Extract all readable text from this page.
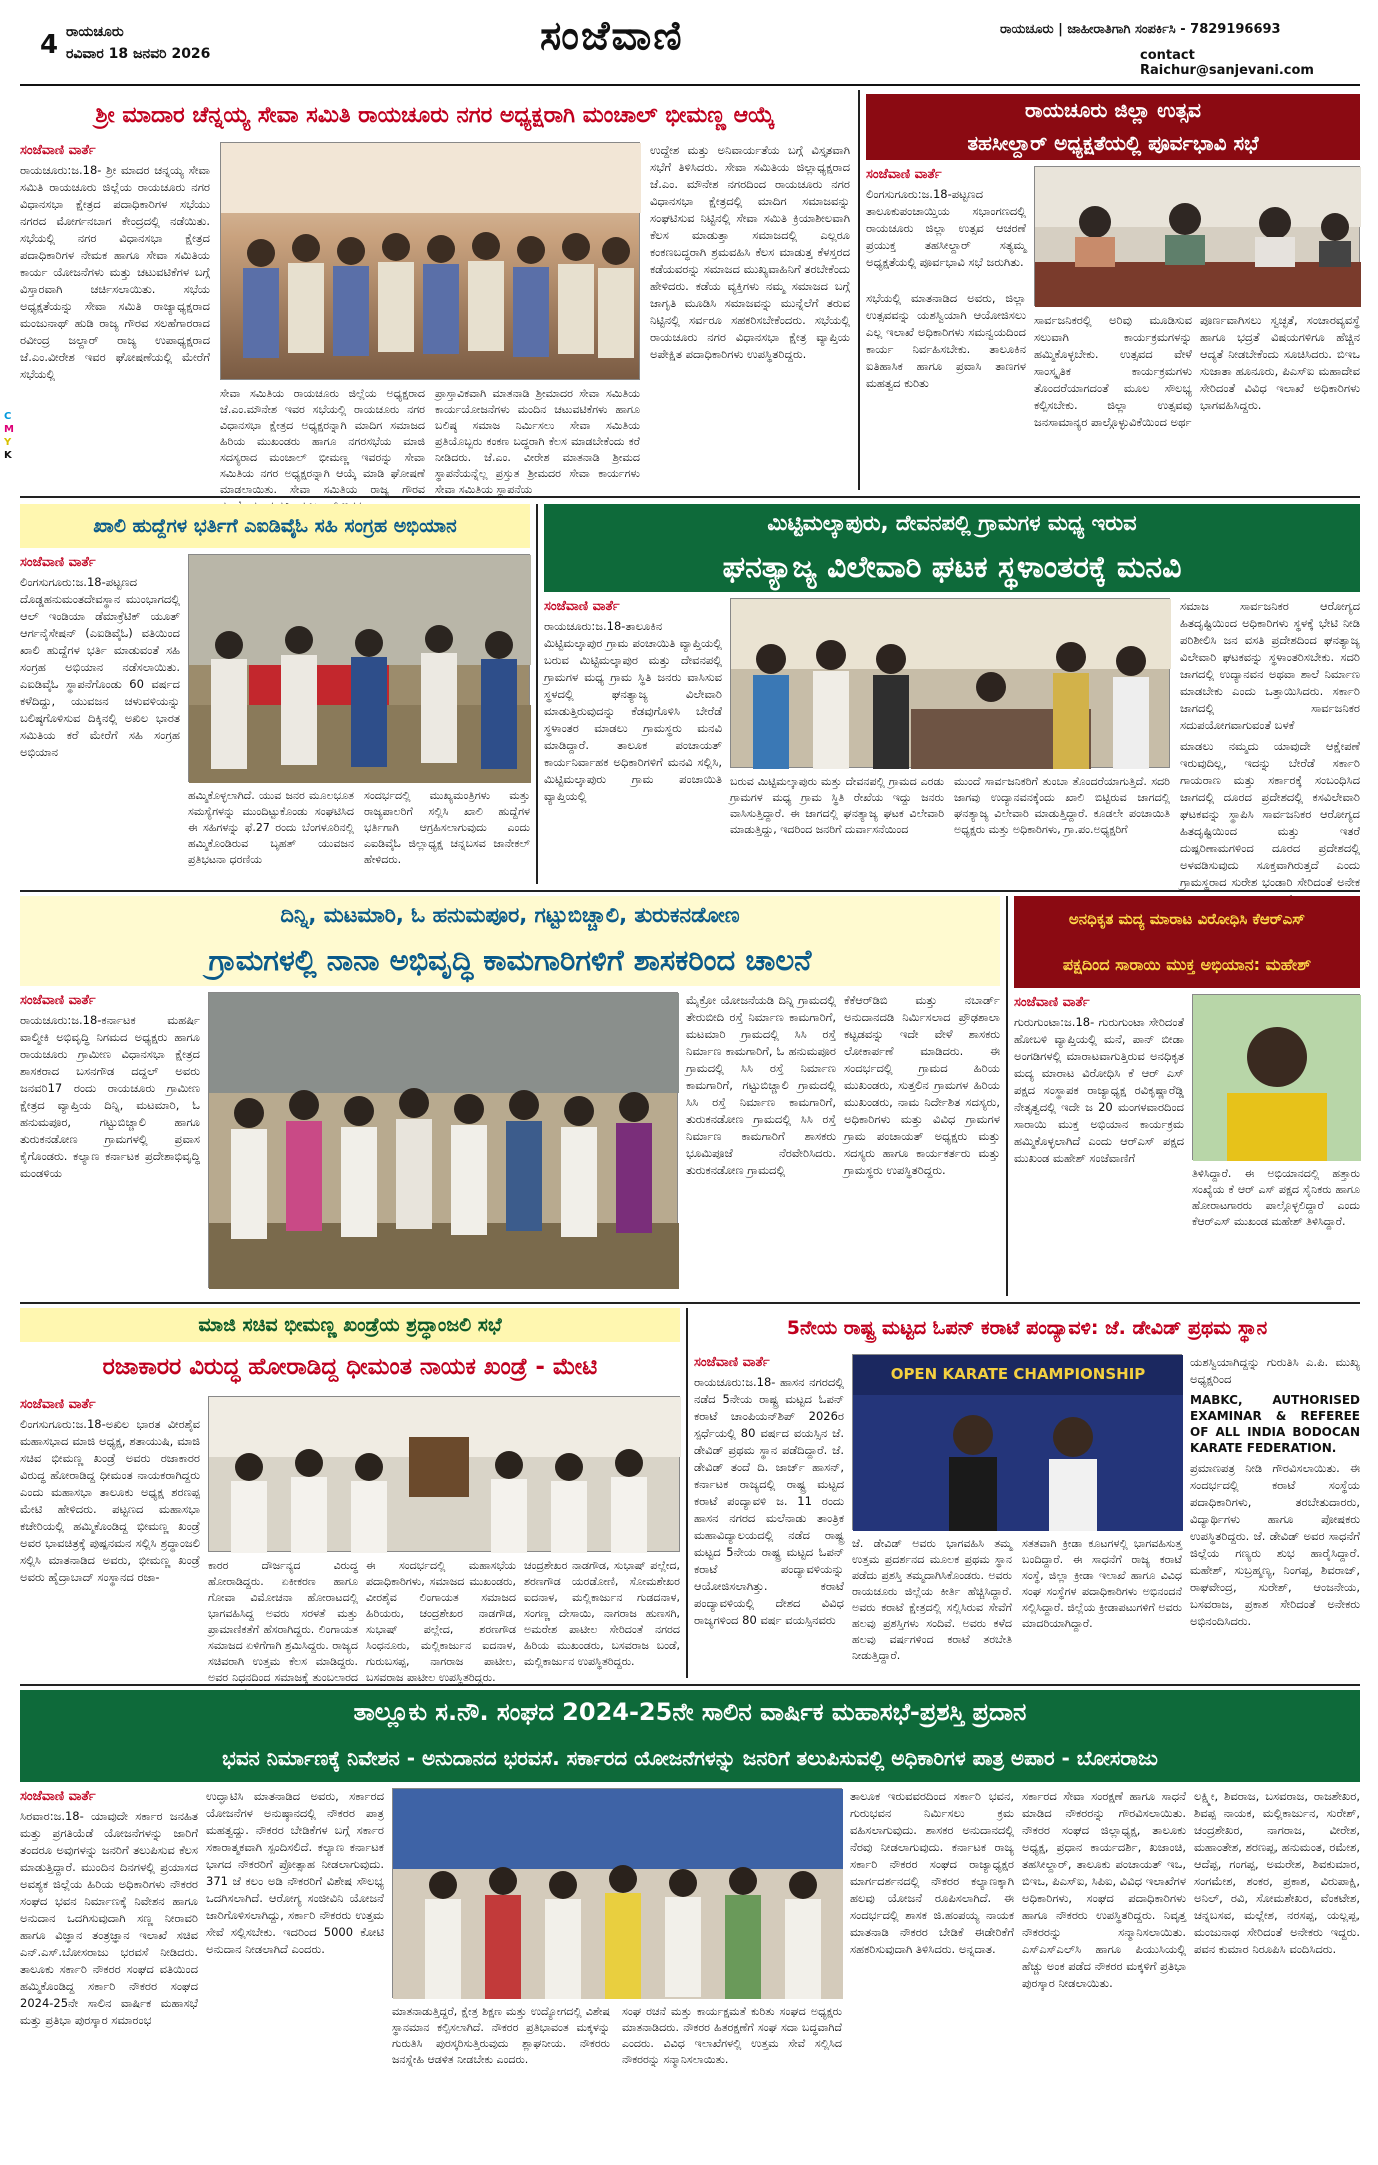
4 ರಾಯಚೂರು
ರವಿವಾರ 18 ಜನವರಿ 2026	ಸಂಜೆವಾಣಿ	ರಾಯಚೂರು | ಜಾಹೀರಾತಿಗಾಗಿ ಸಂಪರ್ಕಿಸಿ - 7829196693
contact Raichur@sanjevani.com
C
M
Y
K
ಶ್ರೀ ಮಾದಾರ ಚೆನ್ನಯ್ಯ ಸೇವಾ ಸಮಿತಿ ರಾಯಚೂರು ನಗರ ಅಧ್ಯಕ್ಷರಾಗಿ ಮಂಚಾಲ್ ಭೀಮಣ್ಣ ಆಯ್ಕೆ
ಸಂಜೆವಾಣಿ ವಾರ್ತೆ
ರಾಯಚೂರು:ಜ.18- ಶ್ರೀ ಮಾದರ ಚನ್ನಯ್ಯ ಸೇವಾ ಸಮಿತಿ ರಾಯಚೂರು ಜಿಲ್ಲೆಯ ರಾಯಚೂರು ನಗರ ವಿಧಾನಸಭಾ ಕ್ಷೇತ್ರದ ಪದಾಧಿಕಾರಿಗಳ ಸಭೆಯು ನಗರದ ಮೋರ್ಗನಬಾಗ ಕೇಂದ್ರದಲ್ಲಿ ನಡೆಯಿತು. ಸಭೆಯಲ್ಲಿ ನಗರ ವಿಧಾನಸಭಾ ಕ್ಷೇತ್ರದ ಪದಾಧಿಕಾರಿಗಳ ನೇಮಕ ಹಾಗೂ ಸೇವಾ ಸಮಿತಿಯ ಕಾರ್ಯ ಯೋಜನೆಗಳು ಮತ್ತು ಚಟುವಟಿಕೆಗಳ ಬಗ್ಗೆ ವಿಸ್ತಾರವಾಗಿ ಚರ್ಚಿಸಲಾಯಿತು. ಸಭೆಯ ಅಧ್ಯಕ್ಷತೆಯನ್ನು ಸೇವಾ ಸಮಿತಿ ರಾಜ್ಯಾಧ್ಯಕ್ಷರಾದ ಮಂಜುನಾಥ್ ಹುಡಿ ರಾಜ್ಯ ಗೌರವ ಸಲಹೆಗಾರರಾದ ರವೀಂದ್ರ ಜಲ್ದಾರ್ ರಾಜ್ಯ ಉಪಾಧ್ಯಕ್ಷರಾದ ಜೆ.ಎಂ.ವೀರೇಶ ಇವರ ಘೋಷಣೆಯಲ್ಲಿ ಮೇರೆಗೆ ಸಭೆಯಲ್ಲಿ
ಸೇವಾ ಸಮಿತಿಯ ರಾಯಚೂರು ಜಿಲ್ಲೆಯ ಅಧ್ಯಕ್ಷರಾದ ಜೆ.ಎಂ.ಮೌನೇಶ ಇವರ ಸಭೆಯಲ್ಲಿ ರಾಯಚೂರು ನಗರ ವಿಧಾನಸಭಾ ಕ್ಷೇತ್ರದ ಅಧ್ಯಕ್ಷರನ್ನಾಗಿ ಮಾದಿಗ ಸಮಾಜದ ಹಿರಿಯ ಮುಖಂಡರು ಹಾಗೂ ನಗರಸಭೆಯ ಮಾಜಿ ಸದಸ್ಯರಾದ ಮಂಚಾಲ್ ಭೀಮಣ್ಣ ಇವರನ್ನು ಸೇವಾ ಸಮಿತಿಯ ನಗರ ಅಧ್ಯಕ್ಷರನ್ನಾಗಿ ಆಯ್ಕೆ ಮಾಡಿ ಘೋಷಣೆ ಮಾಡಲಾಯಿತು. ಸೇವಾ ಸಮಿತಿಯ ರಾಜ್ಯ ಗೌರವ
ಪ್ರಾಸ್ತಾವಿಕವಾಗಿ ಮಾತನಾಡಿ ಶ್ರೀಮಾದರ ಸೇವಾ ಸಮಿತಿಯ ಕಾರ್ಯಯೋಜನೆಗಳು ಮಂದಿನ ಚಟುವಟಿಕೆಗಳು ಹಾಗೂ ಬಲಿಷ್ಠ ಸಮಾಜ ನಿರ್ಮಿಸಲು ಸೇವಾ ಸಮಿತಿಯ ಪ್ರತಿಯೊಬ್ಬರು ಕಂಕಣ ಬದ್ಧರಾಗಿ ಕೆಲಸ ಮಾಡಬೇಕೆಂದು ಕರೆ ನೀಡಿದರು. ಜೆ.ಎಂ. ವೀರೇಶ ಮಾತನಾಡಿ ಶ್ರೀಮದ ಸ್ಥಾಪನೆಯನ್ನೆಲ್ಲ ಪ್ರಸ್ತುತ ಶ್ರೀಮದರ ಸೇವಾ ಕಾರ್ಯಗಳು ಸೇವಾ ಸಮಿತಿಯ ಸ್ಥಾಪನೆಯ
ಉದ್ದೇಶ ಮತ್ತು ಅನಿವಾರ್ಯತೆಯ ಬಗ್ಗೆ ವಿಸ್ತೃತವಾಗಿ ಸಭೆಗೆ ತಿಳಿಸಿದರು. ಸೇವಾ ಸಮಿತಿಯ ಜಿಲ್ಲಾಧ್ಯಕ್ಷರಾದ ಜೆ.ಎಂ. ಮೌನೇಶ ನಗರದಿಂದ ರಾಯಚೂರು ನಗರ ವಿಧಾನಸಭಾ ಕ್ಷೇತ್ರದಲ್ಲಿ ಮಾದಿಗ ಸಮಾಜವನ್ನು ಸಂಘಟಿಸುವ ನಿಟ್ಟಿನಲ್ಲಿ ಸೇವಾ ಸಮಿತಿ ಕ್ರಿಯಾಶೀಲವಾಗಿ ಕೆಲಸ ಮಾಡುತ್ತಾ ಸಮಾಜದಲ್ಲಿ ಎಲ್ಲರೂ ಕಂಕಣಬದ್ಧರಾಗಿ ಶ್ರಮವಹಿಸಿ ಕೆಲಸ ಮಾಡುತ್ತ ಕೆಳಸ್ತರದ ಕಡೆಯವರನ್ನು ಸಮಾಜದ ಮುಖ್ಯವಾಹಿನಿಗೆ ತರಬೇಕೆಂದು ಹೇಳಿದರು. ಕಡೆಯ ವ್ಯಕ್ತಿಗಳು ನಮ್ಮ ಸಮಾಜದ ಬಗ್ಗೆ ಜಾಗೃತಿ ಮೂಡಿಸಿ ಸಮಾಜವನ್ನು ಮುನ್ನೆಲೆಗೆ ತರುವ ನಿಟ್ಟಿನಲ್ಲಿ ಸರ್ವರೂ ಸಹಕರಿಸಬೇಕೆಂದರು. ಸಭೆಯಲ್ಲಿ ರಾಯಚೂರು ನಗರ ವಿಧಾನಸಭಾ ಕ್ಷೇತ್ರ ವ್ಯಾಪ್ತಿಯ ಅಪೇಕ್ಷಿತ ಪದಾಧಿಕಾರಿಗಳು ಉಪಸ್ಥಿತರಿದ್ದರು.
ರಾಯಚೂರು ಜಿಲ್ಲಾ ಉತ್ಸವ
ತಹಸೀಲ್ದಾರ್ ಅಧ್ಯಕ್ಷತೆಯಲ್ಲಿ ಪೂರ್ವಭಾವಿ ಸಭೆ
ಸಂಜೆವಾಣಿ ವಾರ್ತೆ
ಲಿಂಗಸುಗೂರು:ಜ.18-ಪಟ್ಟಣದ ತಾಲೂಕುಪಂಚಾಯ್ತಿಯ ಸಭಾಂಗಣದಲ್ಲಿ ರಾಯಚೂರು ಜಿಲ್ಲಾ ಉತ್ಸವ ಆಚರಣೆ ಪ್ರಯುಕ್ತ ತಹಸೀಲ್ದಾರ್ ಸತ್ಯಮ್ಮ ಅಧ್ಯಕ್ಷತೆಯಲ್ಲಿ ಪೂರ್ವಭಾವಿ ಸಭೆ ಜರುಗಿತು.
ಸಭೆಯಲ್ಲಿ ಮಾತನಾಡಿದ ಅವರು, ಜಿಲ್ಲಾ ಉತ್ಸವವನ್ನು ಯಶಸ್ವಿಯಾಗಿ ಆಯೋಜಿಸಲು ಎಲ್ಲ ಇಲಾಖೆ ಅಧಿಕಾರಿಗಳು ಸಮನ್ವಯದಿಂದ ಕಾರ್ಯ ನಿರ್ವಹಿಸಬೇಕು. ತಾಲೂಕಿನ ಐತಿಹಾಸಿಕ ಹಾಗೂ ಪ್ರವಾಸಿ ತಾಣಗಳ ಮಹತ್ವದ ಕುರಿತು
ಸಾರ್ವಜನಿಕರಲ್ಲಿ ಅರಿವು ಮೂಡಿಸುವ ಸಲುವಾಗಿ ಕಾರ್ಯಕ್ರಮಗಳನ್ನು ಹಮ್ಮಿಕೊಳ್ಳಬೇಕು. ಉತ್ಸವದ ವೇಳೆ ಸಾಂಸ್ಕೃತಿಕ ಕಾರ್ಯಕ್ರಮಗಳು ತೊಂದರೆಯಾಗದಂತೆ ಮೂಲ ಸೌಲಭ್ಯ ಕಲ್ಪಿಸಬೇಕು. ಜಿಲ್ಲಾ ಉತ್ಸವವು ಜನಸಾಮಾನ್ಯರ ಪಾಲ್ಗೊಳ್ಳುವಿಕೆಯಿಂದ ಅರ್ಥ
ಪೂರ್ಣವಾಗಿಸಲು ಸ್ವಚ್ಛತೆ, ಸಂಚಾರವ್ಯವಸ್ಥೆ ಹಾಗೂ ಭದ್ರತೆ ವಿಷಯಗಳಿಗೂ ಹೆಚ್ಚಿನ ಆದ್ಯತೆ ನೀಡಬೇಕೆಂದು ಸೂಚಿಸಿದರು. ಬಿಇಒ ಸುಜಾತಾ ಹೂನೂರು, ಪಿಎಸ್ಐ ಮಹಾದೇವ ಸೇರಿದಂತೆ ವಿವಿಧ ಇಲಾಖೆ ಅಧಿಕಾರಿಗಳು ಭಾಗವಹಿಸಿದ್ದರು.
ಖಾಲಿ ಹುದ್ದೆಗಳ ಭರ್ತಿಗೆ ಎಐಡಿವೈಓ ಸಹಿ ಸಂಗ್ರಹ ಅಭಿಯಾನ
ಸಂಜೆವಾಣಿ ವಾರ್ತೆ
ಲಿಂಗಸುಗೂರು:ಜ.18-ಪಟ್ಟಣದ ದೊಡ್ಡಹನುಮಂತದೇವಸ್ಥಾನ ಮುಂಭಾಗದಲ್ಲಿ ಆಲ್ ಇಂಡಿಯಾ ಡೆಮಾಕ್ರೆಟಿಕ್ ಯೂತ್ ಆರ್ಗನೈಸೇಷನ್ (ಎಐಡಿವೈಓ) ವತಿಯಿಂದ ಖಾಲಿ ಹುದ್ದೆಗಳ ಭರ್ತಿ ಮಾಡುವಂತೆ ಸಹಿ ಸಂಗ್ರಹ ಅಭಿಯಾನ ನಡೆಸಲಾಯಿತು. ಎಐಡಿವೈಓ ಸ್ಥಾಪನೆಗೊಂಡು 60 ವರ್ಷದ ಕಳೆದಿದ್ದು, ಯುವಜನ ಚಳುವಳಿಯನ್ನು ಬಲಿಷ್ಠಗೊಳಿಸುವ ದಿಕ್ಕಿನಲ್ಲಿ ಅಖಿಲ ಭಾರತ ಸಮಿತಿಯ ಕರೆ ಮೇರೆಗೆ ಸಹಿ ಸಂಗ್ರಹ ಅಭಿಯಾನ
ಹಮ್ಮಿಕೊಳ್ಳಲಾಗಿದೆ. ಯುವ ಜನರ ಮೂಲಭೂತ ಸಮಸ್ಯೆಗಳನ್ನು ಮುಂದಿಟ್ಟುಕೊಂಡು ಸಂಘಟಿಸಿದ ಈ ಸಹಿಗಳನ್ನು ಫೆ.27 ರಂದು ಬೆಂಗಳೂರಿನಲ್ಲಿ ಹಮ್ಮಿಕೊಂಡಿರುವ ಬೃಹತ್ ಯುವಜನ ಪ್ರತಿಭಟನಾ ಧರಣಿಯ
ಸಂದರ್ಭದಲ್ಲಿ ಮುಖ್ಯಮಂತ್ರಿಗಳು ಮತ್ತು ರಾಜ್ಯಪಾಲರಿಗೆ ಸಲ್ಲಿಸಿ ಖಾಲಿ ಹುದ್ದೆಗಳ ಭರ್ತಿಗಾಗಿ ಆಗ್ರಹಿಸಲಾಗುವುದು ಎಂದು ಎಐಡಿವೈಓ ಜಿಲ್ಲಾಧ್ಯಕ್ಷ ಚನ್ನಬಸವ ಜಾನೇಕಲ್ ಹೇಳಿದರು.
ಮಿಟ್ಟಿಮಲ್ಕಾಪುರು, ದೇವನಪಲ್ಲಿ ಗ್ರಾಮಗಳ ಮಧ್ಯ ಇರುವ
ಘನತ್ಯಾಜ್ಯ ವಿಲೇವಾರಿ ಘಟಕ ಸ್ಥಳಾಂತರಕ್ಕೆ ಮನವಿ
ಸಂಜೆವಾಣಿ ವಾರ್ತೆ
ರಾಯಚೂರು:ಜ.18-ತಾಲೂಕಿನ ಮಿಟ್ಟಿಮಲ್ಕಾಪುರ ಗ್ರಾಮ ಪಂಚಾಯಿತಿ ವ್ಯಾಪ್ತಿಯಲ್ಲಿ ಬರುವ ಮಿಟ್ಟಿಮಲ್ಕಾಪುರ ಮತ್ತು ದೇವನಪಲ್ಲಿ ಗ್ರಾಮಗಳ ಮಧ್ಯ ಗ್ರಾಮ ಸ್ಥಿತಿ ಜನರು ವಾಸಿಸುವ ಸ್ಥಳದಲ್ಲಿ ಘನತ್ಯಾಜ್ಯ ವಿಲೇವಾರಿ ಮಾಡುತ್ತಿರುವುದನ್ನು ಕೆಡವುಗೊಳಿಸಿ ಬೇರೆಡೆ ಸ್ಥಳಾಂತರ ಮಾಡಲು ಗ್ರಾಮಸ್ಥರು ಮನವಿ ಮಾಡಿದ್ದಾರೆ. ತಾಲೂಕ ಪಂಚಾಯತ್ ಕಾರ್ಯನಿರ್ವಾಹಕ ಅಧಿಕಾರಿಗಳಿಗೆ ಮನವಿ ಸಲ್ಲಿಸಿ, ಮಿಟ್ಟಿಮಲ್ಕಾಪುರು ಗ್ರಾಮ ಪಂಚಾಯಿತಿ ವ್ಯಾಪ್ತಿಯಲ್ಲಿ
ಬರುವ ಮಿಟ್ಟಿಮಲ್ಕಾಪುರು ಮತ್ತು ದೇವನಪಲ್ಲಿ ಗ್ರಾಮದ ಎರಡು ಗ್ರಾಮಗಳ ಮಧ್ಯ ಗ್ರಾಮ ಸ್ಥಿತಿ ರೇಖೆಯ ಇದ್ದು ಜನರು ವಾಸಿಸುತ್ತಿದ್ದಾರೆ. ಈ ಜಾಗದಲ್ಲಿ ಘನತ್ಯಾಜ್ಯ ಘಟಕ ವಿಲೇವಾರಿ ಮಾಡುತ್ತಿದ್ದು, ಇದರಿಂದ ಜನರಿಗೆ ದುರ್ವಾಸನೆಯಿಂದ
ಮುಂದೆ ಸಾರ್ವಜನಿಕರಿಗೆ ತುಂಬಾ ತೊಂದರೆಯಾಗುತ್ತಿದೆ. ಸದರಿ ಜಾಗವು ಉದ್ಯಾನವನಕ್ಕೆಂದು ಖಾಲಿ ಬಿಟ್ಟಿರುವ ಜಾಗದಲ್ಲಿ ಘನತ್ಯಾಜ್ಯ ವಿಲೇವಾರಿ ಮಾಡುತ್ತಿದ್ದಾರೆ. ಕೂಡಲೇ ಪಂಚಾಯಿತಿ ಅಧ್ಯಕ್ಷರು ಮತ್ತು ಅಧಿಕಾರಿಗಳು, ಗ್ರಾ.ಪಂ.ಅಧ್ಯಕ್ಷರಿಗೆ
ಸಮಾಜ ಸಾರ್ವಜನಿಕರ ಆರೋಗ್ಯದ ಹಿತದೃಷ್ಟಿಯಿಂದ ಅಧಿಕಾರಿಗಳು ಸ್ಥಳಕ್ಕೆ ಭೇಟಿ ನೀಡಿ ಪರಿಶೀಲಿಸಿ ಜನ ವಸತಿ ಪ್ರದೇಶದಿಂದ ಘನತ್ಯಾಜ್ಯ ವಿಲೇವಾರಿ ಘಟಕವನ್ನು ಸ್ಥಳಾಂತರಿಸಬೇಕು. ಸದರಿ ಜಾಗದಲ್ಲಿ ಉದ್ಯಾನವನ ಅಥವಾ ಶಾಲೆ ನಿರ್ಮಾಣ ಮಾಡಬೇಕು ಎಂದು ಒತ್ತಾಯಿಸಿದರು. ಸರ್ಕಾರಿ ಜಾಗದಲ್ಲಿ ಸಾರ್ವಜನಿಕರ ಸದುಪಯೋಗವಾಗುವಂತೆ ಬಳಕೆ
ಮಾಡಲು ನಮ್ಮದು ಯಾವುದೇ ಆಕ್ಷೇಪಣೆ ಇರುವುದಿಲ್ಲ, ಇದನ್ನು ಬೇರೆಡೆ ಸರ್ಕಾರಿ ಗಾಯರಾಣ ಮತ್ತು ಸರ್ಕಾರಕ್ಕೆ ಸಂಬಂಧಿಸಿದ ಜಾಗದಲ್ಲಿ ದೂರದ ಪ್ರದೇಶದಲ್ಲಿ ಕಸವಿಲೇವಾರಿ ಘಟಕವನ್ನು ಸ್ಥಾಪಿಸಿ ಸಾರ್ವಜನಿಕರ ಆರೋಗ್ಯದ ಹಿತದೃಷ್ಟಿಯಿಂದ ಮತ್ತು ಇತರೆ ದುಷ್ಪರಿಣಾಮಗಳಿಂದ ದೂರದ ಪ್ರದೇಶದಲ್ಲಿ ಅಳವಡಿಸುವುದು ಸೂಕ್ತವಾಗಿರುತ್ತದೆ ಎಂದು ಗ್ರಾಮಸ್ಥರಾದ ಸುರೇಶ ಭಂಡಾರಿ ಸೇರಿದಂತೆ ಅನೇಕ
ದಿನ್ನಿ, ಮಟಮಾರಿ, ಓ ಹನುಮಪೂರ, ಗಟ್ಟುಬಿಚ್ಚಾಲಿ, ತುರುಕನಡೋಣ
ಗ್ರಾಮಗಳಲ್ಲಿ ನಾನಾ ಅಭಿವೃದ್ಧಿ ಕಾಮಗಾರಿಗಳಿಗೆ ಶಾಸಕರಿಂದ ಚಾಲನೆ
ಸಂಜೆವಾಣಿ ವಾರ್ತೆ
ರಾಯಚೂರು:ಜ.18-ಕರ್ನಾಟಕ ಮಹರ್ಷಿ ವಾಲ್ಮೀಕಿ ಅಭಿವೃದ್ಧಿ ನಿಗಮದ ಅಧ್ಯಕ್ಷರು ಹಾಗೂ ರಾಯಚೂರು ಗ್ರಾಮೀಣ ವಿಧಾನಸಭಾ ಕ್ಷೇತ್ರದ ಶಾಸಕರಾದ ಬಸನಗೌಡ ದದ್ದಲ್ ಅವರು ಜನವರಿ17 ರಂದು ರಾಯಚೂರು ಗ್ರಾಮೀಣ ಕ್ಷೇತ್ರದ ವ್ಯಾಪ್ತಿಯ ದಿನ್ನಿ, ಮಟಮಾರಿ, ಓ ಹನುಮಪೂರ, ಗಟ್ಟುಬಿಚ್ಚಾಲಿ ಹಾಗೂ ತುರುಕನಡೋಣ ಗ್ರಾಮಗಳಲ್ಲಿ ಪ್ರವಾಸ ಕೈಗೊಂಡರು. ಕಲ್ಯಾಣ ಕರ್ನಾಟಕ ಪ್ರದೇಶಾಭಿವೃದ್ಧಿ ಮಂಡಳಿಯ
ಮೈಕ್ರೋ ಯೋಜನೆಯಡಿ ದಿನ್ನಿ ಗ್ರಾಮದಲ್ಲಿ ತೇರುಬೀದಿ ರಸ್ತೆ ನಿರ್ಮಾಣ ಕಾಮಗಾರಿಗೆ, ಮಟಮಾರಿ ಗ್ರಾಮದಲ್ಲಿ ಸಿಸಿ ರಸ್ತೆ ನಿರ್ಮಾಣ ಕಾಮಗಾರಿಗೆ, ಓ ಹನುಮಪೂರ ಗ್ರಾಮದಲ್ಲಿ ಸಿಸಿ ರಸ್ತೆ ನಿರ್ಮಾಣ ಕಾಮಗಾರಿಗೆ, ಗಟ್ಟುಬಿಚ್ಚಾಲಿ ಗ್ರಾಮದಲ್ಲಿ ಸಿಸಿ ರಸ್ತೆ ನಿರ್ಮಾಣ ಕಾಮಗಾರಿಗೆ, ತುರುಕನಡೋಣ ಗ್ರಾಮದಲ್ಲಿ ಸಿಸಿ ರಸ್ತೆ ನಿರ್ಮಾಣ ಕಾಮಗಾರಿಗೆ ಶಾಸಕರು ಭೂಮಿಪೂಜೆ ನೆರವೇರಿಸಿದರು. ತುರುಕನಡೋಣ ಗ್ರಾಮದಲ್ಲಿ
ಕೆಕೆಆರ್‌ಡಿಬಿ ಮತ್ತು ನಬಾರ್ಡ್ ಅನುದಾನದಡಿ ನಿರ್ಮಿಸಲಾದ ಪ್ರೌಢಶಾಲಾ ಕಟ್ಟಡವನ್ನು ಇದೇ ವೇಳೆ ಶಾಸಕರು ಲೋಕಾರ್ಪಣೆ ಮಾಡಿದರು. ಈ ಸಂದರ್ಭದಲ್ಲಿ ಗ್ರಾಮದ ಹಿರಿಯ ಮುಖಂಡರು, ಸುತ್ತಲಿನ ಗ್ರಾಮಗಳ ಹಿರಿಯ ಮುಖಂಡರು, ನಾಮ ನಿರ್ದೇಶಿತ ಸದಸ್ಯರು, ಅಧಿಕಾರಿಗಳು ಮತ್ತು ವಿವಿಧ ಗ್ರಾಮಗಳ ಗ್ರಾಮ ಪಂಚಾಯತ್ ಅಧ್ಯಕ್ಷರು ಮತ್ತು ಸದಸ್ಯರು ಹಾಗೂ ಕಾರ್ಯಕರ್ತರು ಮತ್ತು ಗ್ರಾಮಸ್ಥರು ಉಪಸ್ಥಿತರಿದ್ದರು.
ಅನಧಿಕೃತ ಮದ್ಯ ಮಾರಾಟ ವಿರೋಧಿಸಿ ಕೆಆರ್‌ಎಸ್
ಪಕ್ಷದಿಂದ ಸಾರಾಯಿ ಮುಕ್ತ ಅಭಿಯಾನ: ಮಹೇಶ್
ಸಂಜೆವಾಣಿ ವಾರ್ತೆ
ಗುರುಗುಂಟಾ:ಜ.18- ಗುರುಗುಂಟಾ ಸೇರಿದಂತೆ ಹೋಬಳಿ ವ್ಯಾಪ್ತಿಯಲ್ಲಿ ಮನೆ, ಪಾನ್ ಬೀಡಾ ಅಂಗಡಿಗಳಲ್ಲಿ ಮಾರಾಟವಾಗುತ್ತಿರುವ ಅನಧಿಕೃತ ಮದ್ಯ ಮಾರಾಟ ವಿರೋಧಿಸಿ ಕೆ ಆರ್ ಎಸ್ ಪಕ್ಷದ ಸಂಸ್ಥಾಪಕ ರಾಜ್ಯಾಧ್ಯಕ್ಷ ರವಿಕೃಷ್ಣಾರೆಡ್ಡಿ ನೇತೃತ್ವದಲ್ಲಿ ಇದೇ ಜ 20 ಮಂಗಳವಾರದಿಂದ ಸಾರಾಯಿ ಮುಕ್ತ ಅಭಿಯಾನ ಕಾರ್ಯಕ್ರಮ ಹಮ್ಮಿಕೊಳ್ಳಲಾಗಿದೆ ಎಂದು ಆರ್‌ಎಸ್ ಪಕ್ಷದ ಮುಖಂಡ ಮಹೇಶ್ ಸಂಜೆವಾಣಿಗೆ
ತಿಳಿಸಿದ್ದಾರೆ. ಈ ಅಭಿಯಾನದಲ್ಲಿ ಹತ್ತಾರು ಸಂಖ್ಯೆಯ ಕೆ ಆರ್ ಎಸ್ ಪಕ್ಷದ ಸೈನಿಕರು ಹಾಗೂ ಹೋರಾಟಗಾರರು ಪಾಲ್ಗೊಳ್ಳಲಿದ್ದಾರೆ ಎಂದು ಕೆಆರ್‌ಎಸ್ ಮುಖಂಡ ಮಹೇಶ್ ತಿಳಿಸಿದ್ದಾರೆ.
ಮಾಜಿ ಸಚಿವ ಭೀಮಣ್ಣ ಖಂಡ್ರೆಯ ಶ್ರದ್ಧಾಂಜಲಿ ಸಭೆ
ರಜಾಕಾರರ ವಿರುದ್ಧ ಹೋರಾಡಿದ್ದ ಧೀಮಂತ ನಾಯಕ ಖಂಡ್ರೆ - ಮೇಟಿ
ಸಂಜೆವಾಣಿ ವಾರ್ತೆ
ಲಿಂಗಸುಗೂರು:ಜ.18-ಅಖಿಲ ಭಾರತ ವೀರಶೈವ ಮಹಾಸಭಾದ ಮಾಜಿ ಅಧ್ಯಕ್ಷ, ಶತಾಯುಷಿ, ಮಾಜಿ ಸಚಿವ ಭೀಮಣ್ಣ ಖಂಡ್ರೆ ಅವರು ರಜಾಕಾರರ ವಿರುದ್ಧ ಹೋರಾಡಿದ್ದ ಧೀಮಂತ ನಾಯಕರಾಗಿದ್ದರು ಎಂದು ಮಹಾಸಭಾ ತಾಲೂಕು ಅಧ್ಯಕ್ಷ ಶರಣಪ್ಪ ಮೇಟಿ ಹೇಳಿದರು. ಪಟ್ಟಣದ ಮಹಾಸಭಾ ಕಚೇರಿಯಲ್ಲಿ ಹಮ್ಮಿಕೊಂಡಿದ್ದ ಭೀಮಣ್ಣ ಖಂಡ್ರೆ ಅವರ ಭಾವಚಿತ್ರಕ್ಕೆ ಪುಷ್ಪನಮನ ಸಲ್ಲಿಸಿ ಶ್ರದ್ಧಾಂಜಲಿ ಸಲ್ಲಿಸಿ ಮಾತನಾಡಿದ ಅವರು, ಭೀಮಣ್ಣ ಖಂಡ್ರೆ ಅವರು ಹೈದ್ರಾಬಾದ್ ಸಂಸ್ಥಾನದ ರಜಾ-
ಕಾರರ ದೌರ್ಜನ್ಯದ ವಿರುದ್ಧ ಹೋರಾಡಿದ್ದರು. ಏಕೀಕರಣ ಹಾಗೂ ಗೋವಾ ವಿಮೋಚನಾ ಹೋರಾಟದಲ್ಲಿ ಭಾಗವಹಿಸಿದ್ದ ಅವರು ಸರಳತೆ ಮತ್ತು ಪ್ರಾಮಾಣಿಕತೆಗೆ ಹೆಸರಾಗಿದ್ದರು. ಲಿಂಗಾಯತ ಸಮಾಜದ ಏಳಿಗೆಗಾಗಿ ಶ್ರಮಿಸಿದ್ದರು. ರಾಜ್ಯದ ಸಚಿವರಾಗಿ ಉತ್ತಮ ಕೆಲಸ ಮಾಡಿದ್ದರು. ಅವರ ನಿಧನದಿಂದ ಸಮಾಜಕ್ಕೆ ತುಂಬಲಾರದ
ಈ ಸಂದರ್ಭದಲ್ಲಿ ಮಹಾಸಭೆಯ ಪದಾಧಿಕಾರಿಗಳು, ಸಮಾಜದ ಮುಖಂಡರು, ವೀರಶೈವ ಲಿಂಗಾಯತ ಸಮಾಜದ ಹಿರಿಯರು, ಚಂದ್ರಶೇಖರ ನಾಡಗೌಡ, ಸುಭಾಷ್ ಪಲ್ಲೇದ, ಶರಣಗೌಡ ಸಿಂಧನೂರು, ಮಲ್ಲಿಕಾರ್ಜುನ ಐದನಾಳ, ಗುರುಬಸಪ್ಪ, ನಾಗರಾಜ ಪಾಟೀಲ, ಬಸವರಾಜ ಪಾಟೀಲ ಉಪಸ್ಥಿತರಿದ್ದರು.
ಚಂದ್ರಶೇಖರ ನಾಡಗೌಡ, ಸುಭಾಷ್ ಪಲ್ಲೇದ, ಶರಣಗೌಡ ಯರಡೋಣಿ, ಸೋಮಶೇಖರ ಐದನಾಳ, ಮಲ್ಲಿಕಾರ್ಜುನ ಗುಡದನಾಳ, ಸಂಗಣ್ಣ ದೇಸಾಯಿ, ನಾಗರಾಜ ಹುಣಸಗಿ, ಅಮರೇಶ ಪಾಟೀಲ ಸೇರಿದಂತೆ ನಗರದ ಹಿರಿಯ ಮುಖಂಡರು, ಬಸವರಾಜ ಬಂಡೆ, ಮಲ್ಲಿಕಾರ್ಜುನ ಉಪಸ್ಥಿತರಿದ್ದರು.
5ನೇಯ ರಾಷ್ಟ್ರ ಮಟ್ಟದ ಓಪನ್ ಕರಾಟೆ ಪಂದ್ಯಾವಳಿ: ಜೆ. ಡೇವಿಡ್ ಪ್ರಥಮ ಸ್ಥಾನ
ಸಂಜೆವಾಣಿ ವಾರ್ತೆ
ರಾಯಚೂರು:ಜ.18- ಹಾಸನ ನಗರದಲ್ಲಿ ನಡೆದ 5ನೇಯ ರಾಷ್ಟ್ರ ಮಟ್ಟದ ಓಪನ್ ಕರಾಟೆ ಚಾಂಪಿಯನ್‌ಶಿಪ್ 2026ರ ಸ್ಪರ್ಧೆಯಲ್ಲಿ 80 ವರ್ಷದ ವಯಸ್ಸಿನ ಜೆ. ಡೇವಿಡ್ ಪ್ರಥಮ ಸ್ಥಾನ ಪಡೆದಿದ್ದಾರೆ. ಜೆ. ಡೇವಿಡ್ ತಂದೆ ದಿ. ಜಾರ್ಜ್ ಹಾಸನ್, ಕರ್ನಾಟಕ ರಾಜ್ಯದಲ್ಲಿ ರಾಷ್ಟ್ರ ಮಟ್ಟದ ಕರಾಟೆ ಪಂದ್ಯಾವಳಿ ಜ. 11 ರಂದು ಹಾಸನ ನಗರದ ಮಲೆನಾಡು ತಾಂತ್ರಿಕ ಮಹಾವಿದ್ಯಾಲಯದಲ್ಲಿ ನಡೆದ ರಾಷ್ಟ್ರ ಮಟ್ಟದ 5ನೇಯ ರಾಷ್ಟ್ರ ಮಟ್ಟದ ಓಪನ್ ಕರಾಟೆ ಪಂದ್ಯಾವಳಿಯನ್ನು ಆಯೋಜಿಸಲಾಗಿತ್ತು. ಕರಾಟೆ ಪಂದ್ಯಾವಳಿಯಲ್ಲಿ ದೇಶದ ವಿವಿಧ ರಾಜ್ಯಗಳಿಂದ 80 ವರ್ಷ ವಯಸ್ಸಿನವರು
OPEN KARATE CHAMPIONSHIP
ಜೆ. ಡೇವಿಡ್ ಅವರು ಭಾಗವಹಿಸಿ ತಮ್ಮ ಉತ್ತಮ ಪ್ರದರ್ಶನದ ಮೂಲಕ ಪ್ರಥಮ ಸ್ಥಾನ ಪಡೆದು ಪ್ರಶಸ್ತಿ ತಮ್ಮದಾಗಿಸಿಕೊಂಡರು. ಅವರು ರಾಯಚೂರು ಜಿಲ್ಲೆಯ ಕೀರ್ತಿ ಹೆಚ್ಚಿಸಿದ್ದಾರೆ. ಅವರು ಕರಾಟೆ ಕ್ಷೇತ್ರದಲ್ಲಿ ಸಲ್ಲಿಸಿರುವ ಸೇವೆಗೆ ಹಲವು ಪ್ರಶಸ್ತಿಗಳು ಸಂದಿವೆ. ಅವರು ಕಳೆದ ಹಲವು ವರ್ಷಗಳಿಂದ ಕರಾಟೆ ತರಬೇತಿ ನೀಡುತ್ತಿದ್ದಾರೆ.
ಸತತವಾಗಿ ಕ್ರೀಡಾ ಕೂಟಗಳಲ್ಲಿ ಭಾಗವಹಿಸುತ್ತ ಬಂದಿದ್ದಾರೆ. ಈ ಸಾಧನೆಗೆ ರಾಜ್ಯ ಕರಾಟೆ ಸಂಸ್ಥೆ, ಜಿಲ್ಲಾ ಕ್ರೀಡಾ ಇಲಾಖೆ ಹಾಗೂ ವಿವಿಧ ಸಂಘ ಸಂಸ್ಥೆಗಳ ಪದಾಧಿಕಾರಿಗಳು ಅಭಿನಂದನೆ ಸಲ್ಲಿಸಿದ್ದಾರೆ. ಜಿಲ್ಲೆಯ ಕ್ರೀಡಾಪಟುಗಳಿಗೆ ಅವರು ಮಾದರಿಯಾಗಿದ್ದಾರೆ.
ಯಶಸ್ವಿಯಾಗಿದ್ದನ್ನು ಗುರುತಿಸಿ ಎ.ಪಿ. ಮುಖ್ಯ ಅಧ್ಯಕ್ಷರಿಂದ
MABKC, AUTHORISED EXAMINAR & REFEREE OF ALL INDIA BODOCAN KARATE FEDERATION.
ಪ್ರಮಾಣಪತ್ರ ನೀಡಿ ಗೌರವಿಸಲಾಯಿತು. ಈ ಸಂದರ್ಭದಲ್ಲಿ ಕರಾಟೆ ಸಂಸ್ಥೆಯ ಪದಾಧಿಕಾರಿಗಳು, ತರಬೇತುದಾರರು, ವಿದ್ಯಾರ್ಥಿಗಳು ಹಾಗೂ ಪೋಷಕರು ಉಪಸ್ಥಿತರಿದ್ದರು. ಜೆ. ಡೇವಿಡ್ ಅವರ ಸಾಧನೆಗೆ ಜಿಲ್ಲೆಯ ಗಣ್ಯರು ಶುಭ ಹಾರೈಸಿದ್ದಾರೆ. ಮಹೇಶ್, ಸುಬ್ರಹ್ಮಣ್ಯ, ನಿಂಗಪ್ಪ, ಶಿವರಾಜ್, ರಾಘವೇಂದ್ರ, ಸುರೇಶ್, ಆಂಜನೇಯ, ಬಸವರಾಜ, ಪ್ರಕಾಶ ಸೇರಿದಂತೆ ಅನೇಕರು ಅಭಿನಂದಿಸಿದರು.
ತಾಲ್ಲೂಕು ಸ.ನೌ. ಸಂಘದ 2024-25ನೇ ಸಾಲಿನ ವಾರ್ಷಿಕ ಮಹಾಸಭೆ-ಪ್ರಶಸ್ತಿ ಪ್ರದಾನ
ಭವನ ನಿರ್ಮಾಣಕ್ಕೆ ನಿವೇಶನ - ಅನುದಾನದ ಭರವಸೆ. ಸರ್ಕಾರದ ಯೋಜನೆಗಳನ್ನು ಜನರಿಗೆ ತಲುಪಿಸುವಲ್ಲಿ ಅಧಿಕಾರಿಗಳ ಪಾತ್ರ ಅಪಾರ - ಬೋಸರಾಜು
ಸಂಜೆವಾಣಿ ವಾರ್ತೆ
ಸಿರವಾರ:ಜ.18- ಯಾವುದೇ ಸರ್ಕಾರ ಜನಹಿತ ಮತ್ತು ಪ್ರಗತಿಯೆಡೆ ಯೋಜನೆಗಳನ್ನು ಜಾರಿಗೆ ತಂದರೂ ಅವುಗಳನ್ನು ಜನರಿಗೆ ತಲುಪಿಸುವ ಕೆಲಸ ಮಾಡುತ್ತಿದ್ದಾರೆ. ಮುಂದಿನ ದಿನಗಳಲ್ಲಿ ಪ್ರಯಾಸದ ಅವಶ್ಯಕ ಜಿಲ್ಲೆಯ ಹಿರಿಯ ಅಧಿಕಾರಿಗಳು ನೌಕರರ ಸಂಘದ ಭವನ ನಿರ್ಮಾಣಕ್ಕೆ ನಿವೇಶನ ಹಾಗೂ ಅನುದಾನ ಒದಗಿಸುವುದಾಗಿ ಸಣ್ಣ ನೀರಾವರಿ ಹಾಗೂ ವಿಜ್ಞಾನ ತಂತ್ರಜ್ಞಾನ ಇಲಾಖೆ ಸಚಿವ ಎನ್.ಎಸ್.ಬೋಸರಾಜು ಭರವಸೆ ನೀಡಿದರು. ತಾಲೂಕು ಸರ್ಕಾರಿ ನೌಕರರ ಸಂಘದ ವತಿಯಿಂದ ಹಮ್ಮಿಕೊಂಡಿದ್ದ ಸರ್ಕಾರಿ ನೌಕರರ ಸಂಘದ 2024-25ನೇ ಸಾಲಿನ ವಾರ್ಷಿಕ ಮಹಾಸಭೆ ಮತ್ತು ಪ್ರತಿಭಾ ಪುರಸ್ಕಾರ ಸಮಾರಂಭ
ಉದ್ಘಾಟಿಸಿ ಮಾತನಾಡಿದ ಅವರು, ಸರ್ಕಾರದ ಯೋಜನೆಗಳ ಅನುಷ್ಠಾನದಲ್ಲಿ ನೌಕರರ ಪಾತ್ರ ಮಹತ್ವದ್ದು. ನೌಕರರ ಬೇಡಿಕೆಗಳ ಬಗ್ಗೆ ಸರ್ಕಾರ ಸಕಾರಾತ್ಮಕವಾಗಿ ಸ್ಪಂದಿಸಲಿದೆ. ಕಲ್ಯಾಣ ಕರ್ನಾಟಕ ಭಾಗದ ನೌಕರರಿಗೆ ಪ್ರೋತ್ಸಾಹ ನೀಡಲಾಗುವುದು. 371 ಜೆ ಕಲಂ ಅಡಿ ನೌಕರರಿಗೆ ವಿಶೇಷ ಸೌಲಭ್ಯ ಒದಗಿಸಲಾಗಿದೆ. ಆರೋಗ್ಯ ಸಂಜೀವಿನಿ ಯೋಜನೆ ಜಾರಿಗೊಳಿಸಲಾಗಿದ್ದು, ಸರ್ಕಾರಿ ನೌಕರರು ಉತ್ತಮ ಸೇವೆ ಸಲ್ಲಿಸಬೇಕು. ಇದರಿಂದ 5000 ಕೋಟಿ ಅನುದಾನ ನೀಡಲಾಗಿದೆ ಎಂದರು.
ಮಾತನಾಡುತ್ತಿದ್ದರೆ, ಕ್ಷೇತ್ರ ಶಿಕ್ಷಣ ಮತ್ತು ಉದ್ಯೋಗದಲ್ಲಿ ವಿಶೇಷ ಸ್ಥಾನಮಾನ ಕಲ್ಪಿಸಲಾಗಿದೆ. ನೌಕರರ ಪ್ರತಿಭಾವಂತ ಮಕ್ಕಳನ್ನು ಗುರುತಿಸಿ ಪುರಸ್ಕರಿಸುತ್ತಿರುವುದು ಶ್ಲಾಘನೀಯ. ನೌಕರರು ಜನಸ್ನೇಹಿ ಆಡಳಿತ ನೀಡಬೇಕು ಎಂದರು.
ಸಂಘ ರಚನೆ ಮತ್ತು ಕಾರ್ಯಕ್ಷಮತೆ ಕುರಿತು ಸಂಘದ ಅಧ್ಯಕ್ಷರು ಮಾತನಾಡಿದರು. ನೌಕರರ ಹಿತರಕ್ಷಣೆಗೆ ಸಂಘ ಸದಾ ಬದ್ಧವಾಗಿದೆ ಎಂದರು. ವಿವಿಧ ಇಲಾಖೆಗಳಲ್ಲಿ ಉತ್ತಮ ಸೇವೆ ಸಲ್ಲಿಸಿದ ನೌಕರರನ್ನು ಸನ್ಮಾನಿಸಲಾಯಿತು.
ತಾಲೂಕ ಇರುವವರದಿಂದ ಸರ್ಕಾರಿ ಭವನ, ಗುರುಭವನ ನಿರ್ಮಿಸಲು ಕ್ರಮ ವಹಿಸಲಾಗುವುದು. ಶಾಸಕರ ಅನುದಾನದಲ್ಲಿ ನೆರವು ನೀಡಲಾಗುವುದು. ಕರ್ನಾಟಕ ರಾಜ್ಯ ಸರ್ಕಾರಿ ನೌಕರರ ಸಂಘದ ರಾಜ್ಯಾಧ್ಯಕ್ಷರ ಮಾರ್ಗದರ್ಶನದಲ್ಲಿ ನೌಕರರ ಕಲ್ಯಾಣಕ್ಕಾಗಿ ಹಲವು ಯೋಜನೆ ರೂಪಿಸಲಾಗಿದೆ. ಈ ಸಂದರ್ಭದಲ್ಲಿ ಶಾಸಕ ಜಿ.ಹಂಪಯ್ಯ ನಾಯಕ ಮಾತನಾಡಿ ನೌಕರರ ಬೇಡಿಕೆ ಈಡೇರಿಕೆಗೆ ಸಹಕರಿಸುವುದಾಗಿ ತಿಳಿಸಿದರು. ಅನ್ನದಾತ.
ಸರ್ಕಾರದ ಸೇವಾ ಸಂರಕ್ಷಣೆ ಹಾಗೂ ಸಾಧನೆ ಮಾಡಿದ ನೌಕರರನ್ನು ಗೌರವಿಸಲಾಯಿತು. ನೌಕರರ ಸಂಘದ ಜಿಲ್ಲಾಧ್ಯಕ್ಷ, ತಾಲೂಕು ಅಧ್ಯಕ್ಷ, ಪ್ರಧಾನ ಕಾರ್ಯದರ್ಶಿ, ಖಜಾಂಚಿ, ತಹಸೀಲ್ದಾರ್, ತಾಲೂಕು ಪಂಚಾಯತ್ ಇಒ, ಬಿಇಒ, ಪಿಎಸ್ಐ, ಸಿಪಿಐ, ವಿವಿಧ ಇಲಾಖೆಗಳ ಅಧಿಕಾರಿಗಳು, ಸಂಘದ ಪದಾಧಿಕಾರಿಗಳು ಹಾಗೂ ನೌಕರರು ಉಪಸ್ಥಿತರಿದ್ದರು. ನಿವೃತ್ತ ನೌಕರರನ್ನು ಸನ್ಮಾನಿಸಲಾಯಿತು. ಎಸ್ಎಸ್ಎಲ್‌ಸಿ ಹಾಗೂ ಪಿಯುಸಿಯಲ್ಲಿ ಹೆಚ್ಚು ಅಂಕ ಪಡೆದ ನೌಕರರ ಮಕ್ಕಳಿಗೆ ಪ್ರತಿಭಾ ಪುರಸ್ಕಾರ ನೀಡಲಾಯಿತು.
ಲಕ್ಷ್ಮೀ, ಶಿವರಾಜ, ಬಸವರಾಜ, ರಾಜಶೇಖರ, ಶಿವಪ್ಪ ನಾಯಕ, ಮಲ್ಲಿಕಾರ್ಜುನ, ಸುರೇಶ್, ಚಂದ್ರಶೇಖರ, ನಾಗರಾಜ, ವೀರೇಶ, ಮಹಾಂತೇಶ, ಶರಣಪ್ಪ, ಹನುಮಂತ, ರಮೇಶ, ಆದೆಪ್ಪ, ಗಂಗಪ್ಪ, ಅಮರೇಶ, ಶಿವಕುಮಾರ, ಸಂಗಮೇಶ, ಶಂಕರ, ಪ್ರಕಾಶ, ವಿರುಪಾಕ್ಷಿ, ಅನಿಲ್, ರವಿ, ಸೋಮಶೇಖರ, ವೆಂಕಟೇಶ, ಚನ್ನಬಸವ, ಮಲ್ಲೇಶ, ನರಸಪ್ಪ, ಯಲ್ಲಪ್ಪ, ಮಂಜುನಾಥ ಸೇರಿದಂತೆ ಅನೇಕರು ಇದ್ದರು. ಪವನ ಕುಮಾರ ನಿರೂಪಿಸಿ ವಂದಿಸಿದರು.
